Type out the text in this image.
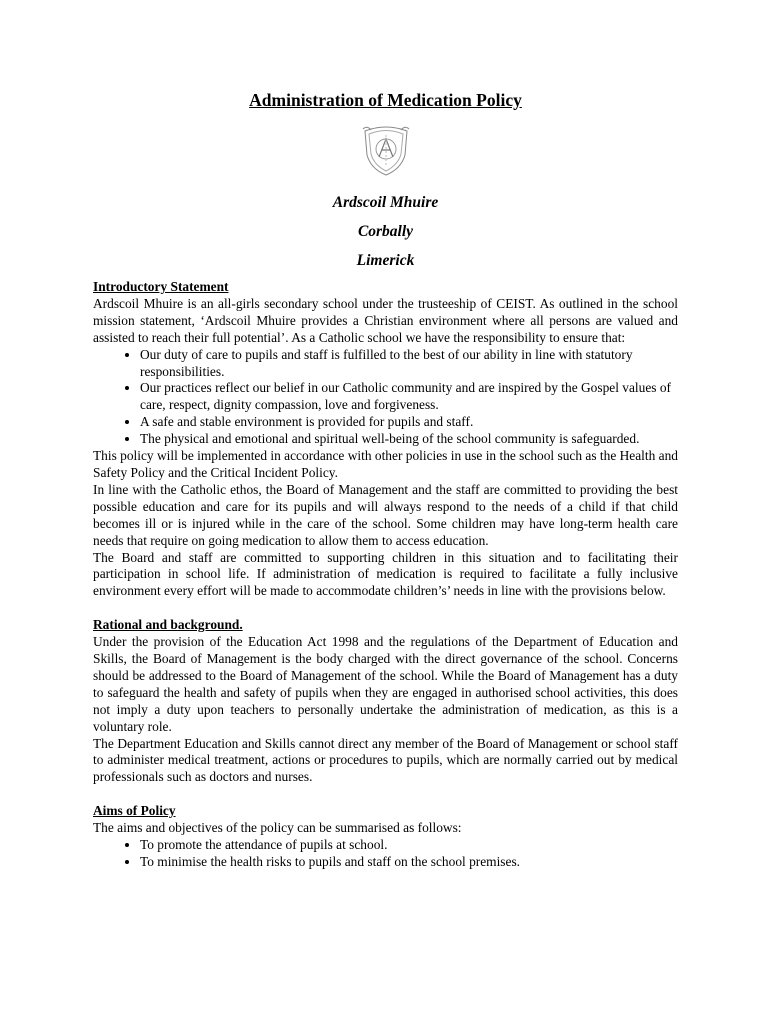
Administration of Medication Policy
Ardscoil Mhuire
Corbally
Limerick

Introductory Statement

Ardscoil Mhuire is an all-girls secondary school under the trusteeship of CEIST. As outlined in the school mission statement, ‘Ardscoil Mhuire provides a Christian environment where all persons are valued and assisted to reach their full potential’. As a Catholic school we have the responsibility to ensure that:

• Our duty of care to pupils and staff is fulfilled to the best of our ability in line with statutory responsibilities.
• Our practices reflect our belief in our Catholic community and are inspired by the Gospel values of care, respect, dignity compassion, love and forgiveness.
• A safe and stable environment is provided for pupils and staff.
• The physical and emotional and spiritual well-being of the school community is safeguarded.

This policy will be implemented in accordance with other policies in use in the school such as the Health and Safety Policy and the Critical Incident Policy.

In line with the Catholic ethos, the Board of Management and the staff are committed to providing the best possible education and care for its pupils and will always respond to the needs of a child if that child becomes ill or is injured while in the care of the school. Some children may have long-term health care needs that require on going medication to allow them to access education.

The Board and staff are committed to supporting children in this situation and to facilitating their participation in school life. If administration of medication is required to facilitate a fully inclusive environment every effort will be made to accommodate children’s’ needs in line with the provisions below.

Rational and background.

Under the provision of the Education Act 1998 and the regulations of the Department of Education and Skills, the Board of Management is the body charged with the direct governance of the school. Concerns should be addressed to the Board of Management of the school. While the Board of Management has a duty to safeguard the health and safety of pupils when they are engaged in authorised school activities, this does not imply a duty upon teachers to personally undertake the administration of medication, as this is a voluntary role.

The Department Education and Skills cannot direct any member of the Board of Management or school staff to administer medical treatment, actions or procedures to pupils, which are normally carried out by medical professionals such as doctors and nurses.

Aims of Policy

The aims and objectives of the policy can be summarised as follows:

• To promote the attendance of pupils at school.
• To minimise the health risks to pupils and staff on the school premises.
